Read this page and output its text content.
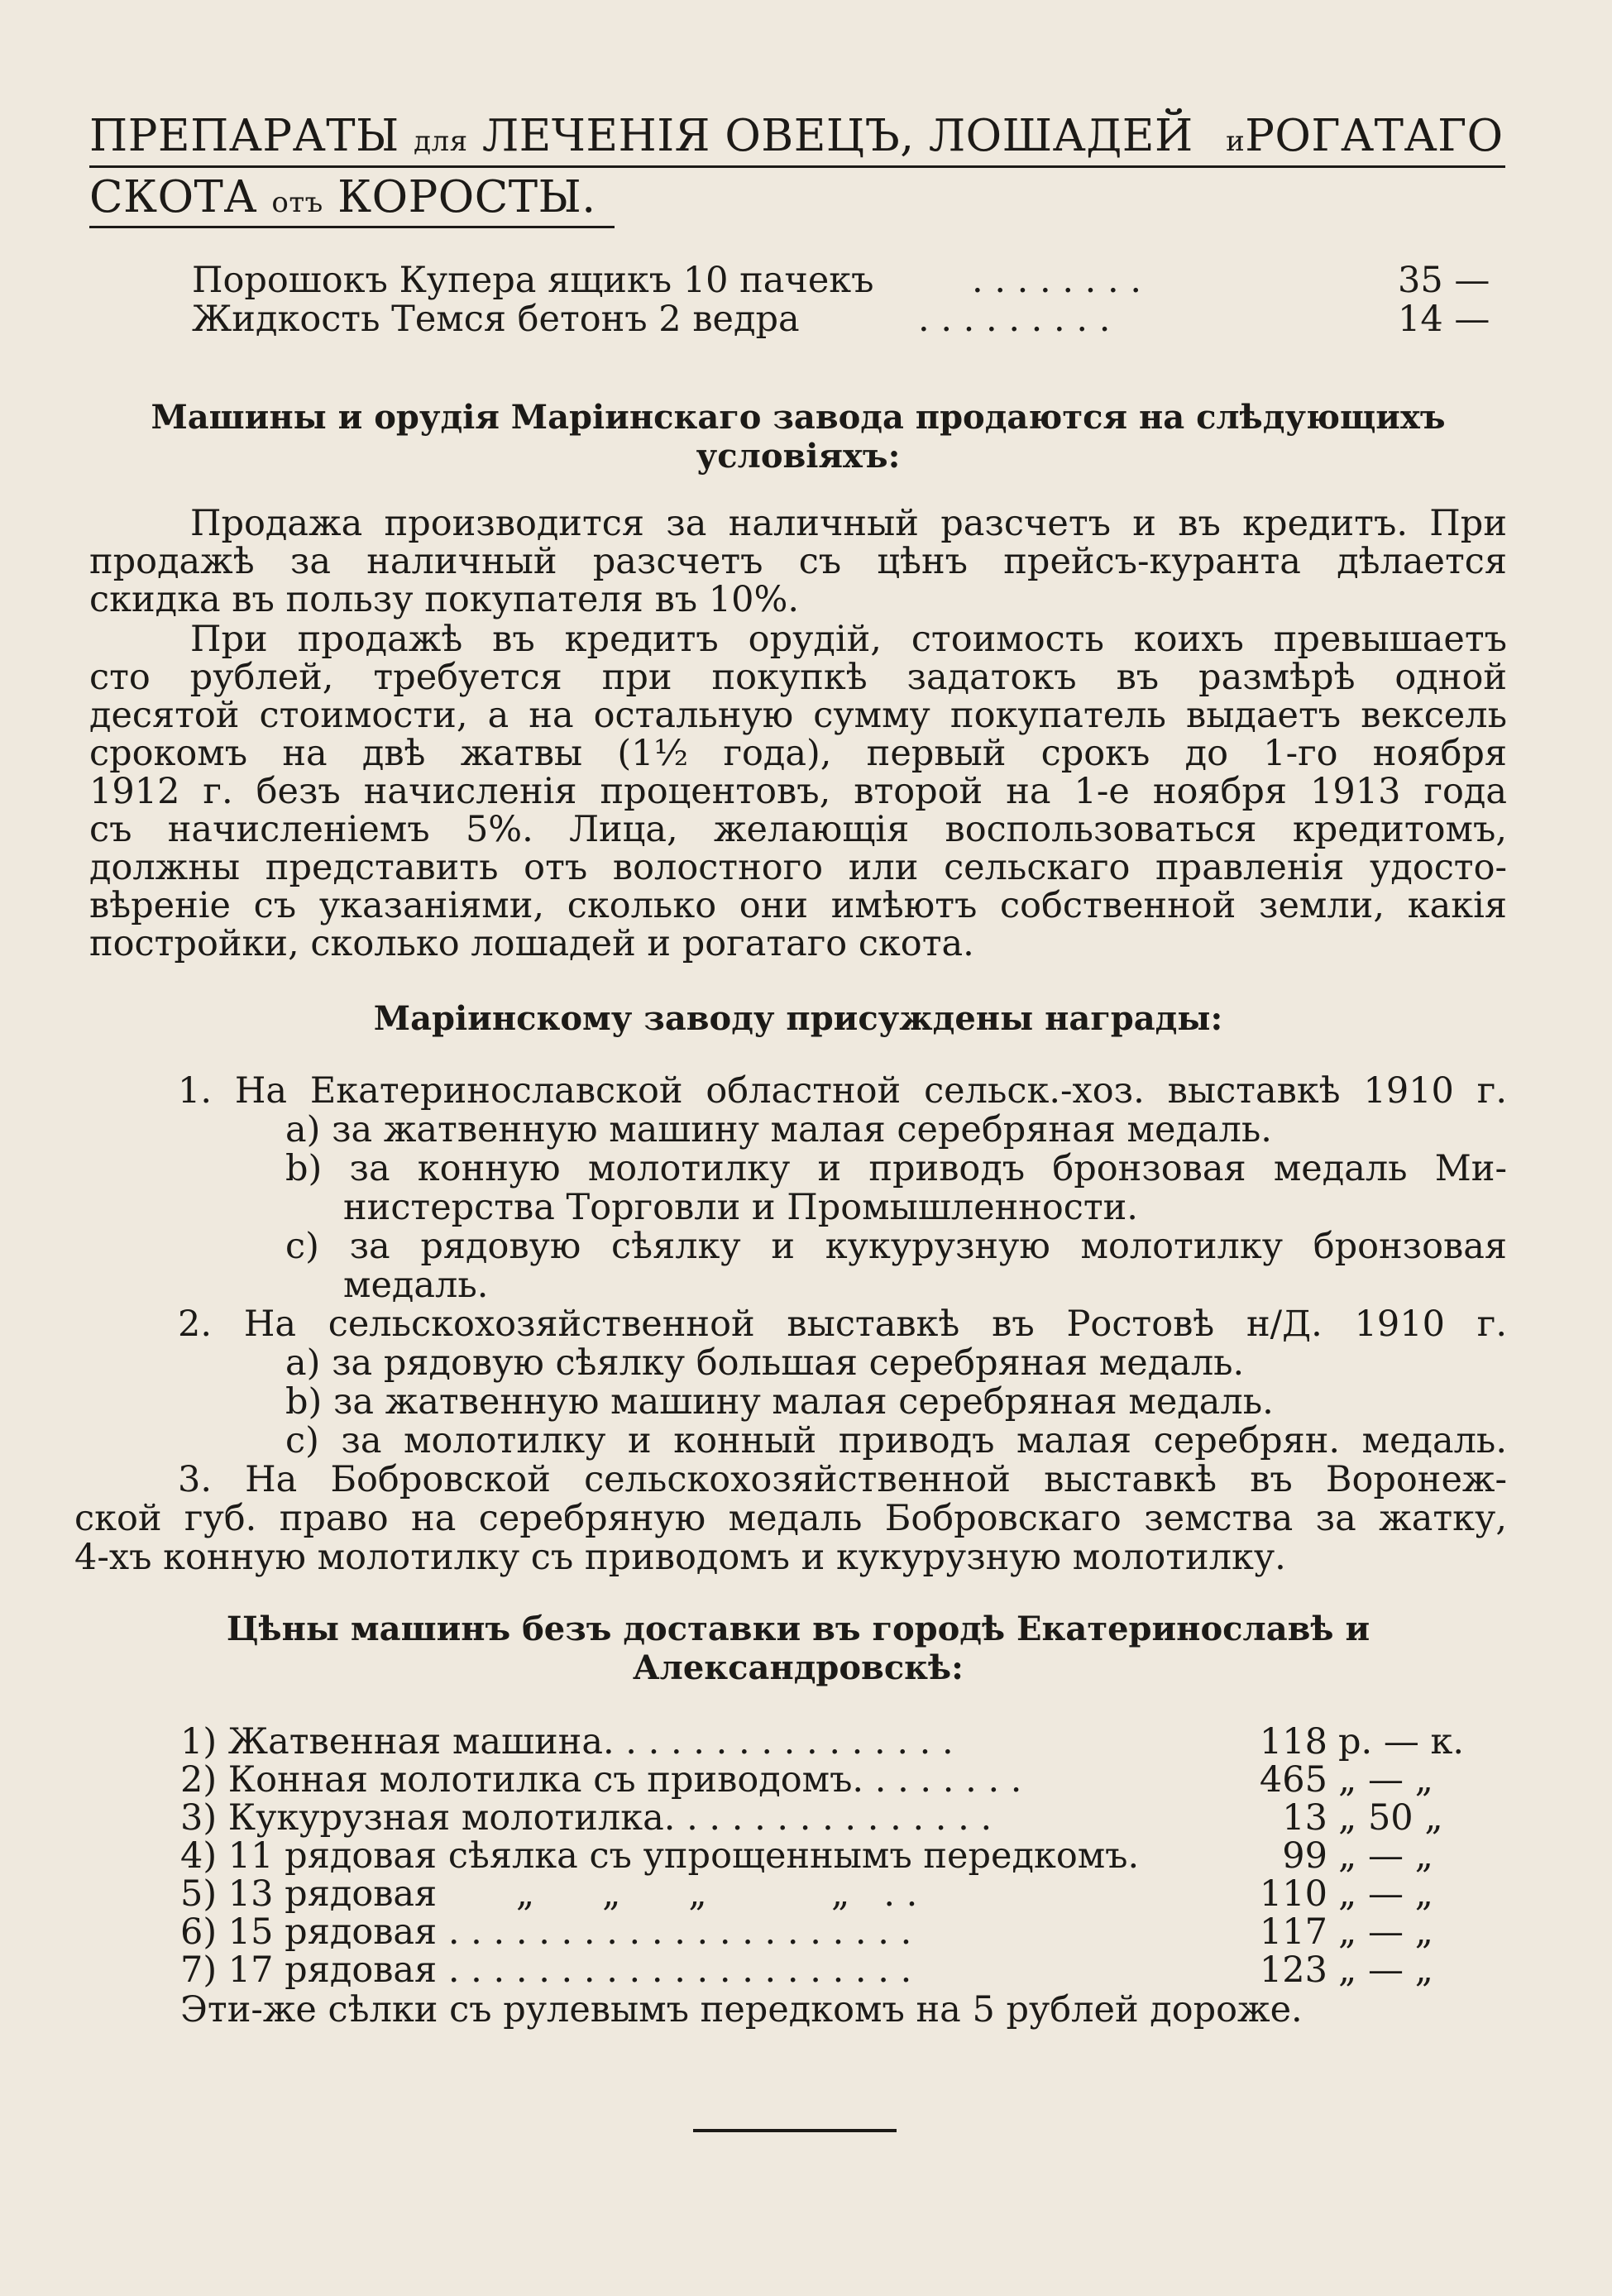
ПРЕПАРАТЫ для ЛЕЧЕНІЯ ОВЕЦЪ, ЛОШАДЕЙ иРОГАТАГО
СКОТА отъ КОРОСТЫ.
Порошокъ Купера ящикъ 10 пачекъ	. . . . . . . .	35 —
Жидкость Темся бетонъ 2 ведра	. . . . . . . . .	14 —
Машины и орудія Маріинскаго завода продаются на слѣдующихъ
условіяхъ:
Продажа производится за наличный разсчетъ и въ кредитъ. При
продажѣ за наличный разсчетъ съ цѣнъ прейсъ-куранта дѣлается
скидка въ пользу покупателя въ 10%.
При продажѣ въ кредитъ орудій, стоимость коихъ превышаетъ
сто рублей, требуется при покупкѣ задатокъ въ размѣрѣ одной
десятой стоимости, а на остальную сумму покупатель выдаетъ вексель
срокомъ на двѣ жатвы (1½ года), первый срокъ до 1-го ноября
1912 г. безъ начисленія процентовъ, второй на 1-е ноября 1913 года
съ начисленіемъ 5%. Лица, желающія воспользоваться кредитомъ,
должны представить отъ волостного или сельскаго правленія удосто-
вѣреніе съ указаніями, сколько они имѣютъ собственной земли, какія
постройки, сколько лошадей и рогатаго скота.
Маріинскому заводу присуждены награды:
1. На Екатеринославской областной сельск.-хоз. выставкѣ 1910 г.
а) за жатвенную машину малая серебряная медаль.
b) за конную молотилку и приводъ бронзовая медаль Ми-
нистерства Торговли и Промышленности.
с) за рядовую сѣялку и кукурузную молотилку бронзовая
медаль.
2. На сельскохозяйственной выставкѣ въ Ростовѣ н/Д. 1910 г.
а) за рядовую сѣялку большая серебряная медаль.
b) за жатвенную машину малая серебряная медаль.
с) за молотилку и конный приводъ малая серебрян. медаль.
3. На Бобровской сельскохозяйственной выставкѣ въ Воронеж-
ской губ. право на серебряную медаль Бобровскаго земства за жатку,
4-хъ конную молотилку съ приводомъ и кукурузную молотилку.
Цѣны машинъ безъ доставки въ городѣ Екатеринославѣ и
Александровскѣ:
1) Жатвенная машина. . . . . . . . . . . . . . . .	118 р. — к.
2) Конная молотилка съ приводомъ. . . . . . . .	465 „ — „
3) Кукурузная молотилка. . . . . . . . . . . . . . .	13 „ 50 „
4) 11 рядовая сѣялка съ упрощеннымъ передкомъ.	99 „ — „
5) 13 рядовая       „      „      „           „   . .	110 „ — „
6) 15 рядовая . . . . . . . . . . . . . . . . . . . . .	117 „ — „
7) 17 рядовая . . . . . . . . . . . . . . . . . . . . .	123 „ — „
Эти-же сѣлки съ рулевымъ передкомъ на 5 рублей дороже.
